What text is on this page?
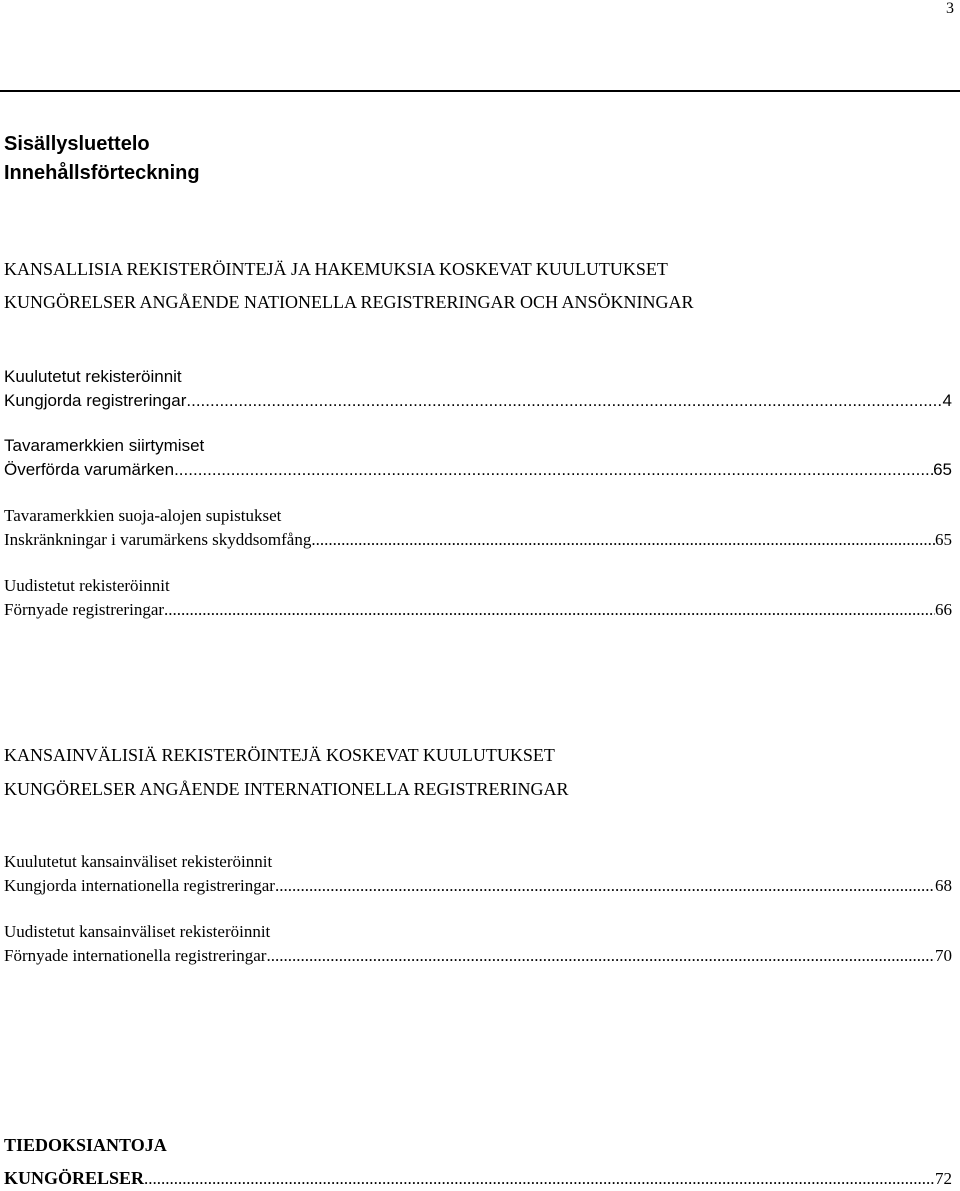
3
Sisällysluettelo
Innehållsförteckning
KANSALLISIA REKISTERÖINTEJÄ JA HAKEMUKSIA KOSKEVAT KUULUTUKSET
KUNGÖRELSER ANGÅENDE NATIONELLA REGISTRERINGAR OCH ANSÖKNINGAR
Kuulutetut rekisteröinnit
Kungjorda registreringar .....	4
Tavaramerkkien siirtymiset
Överförda varumärken .....	65
Tavaramerkkien suoja-alojen supistukset
Inskränkningar i varumärkens skyddsomfång .....	65
Uudistetut rekisteröinnit
Förnyade registreringar .....	66
KANSAINVÄLISIÄ REKISTERÖINTEJÄ KOSKEVAT KUULUTUKSET
KUNGÖRELSER ANGÅENDE INTERNATIONELLA REGISTRERINGAR
Kuulutetut kansainväliset rekisteröinnit
Kungjorda internationella registreringar .....	68
Uudistetut kansainväliset rekisteröinnit
Förnyade internationella registreringar .....	70
TIEDOKSIANTOJA
KUNGÖRELSER .....	72
